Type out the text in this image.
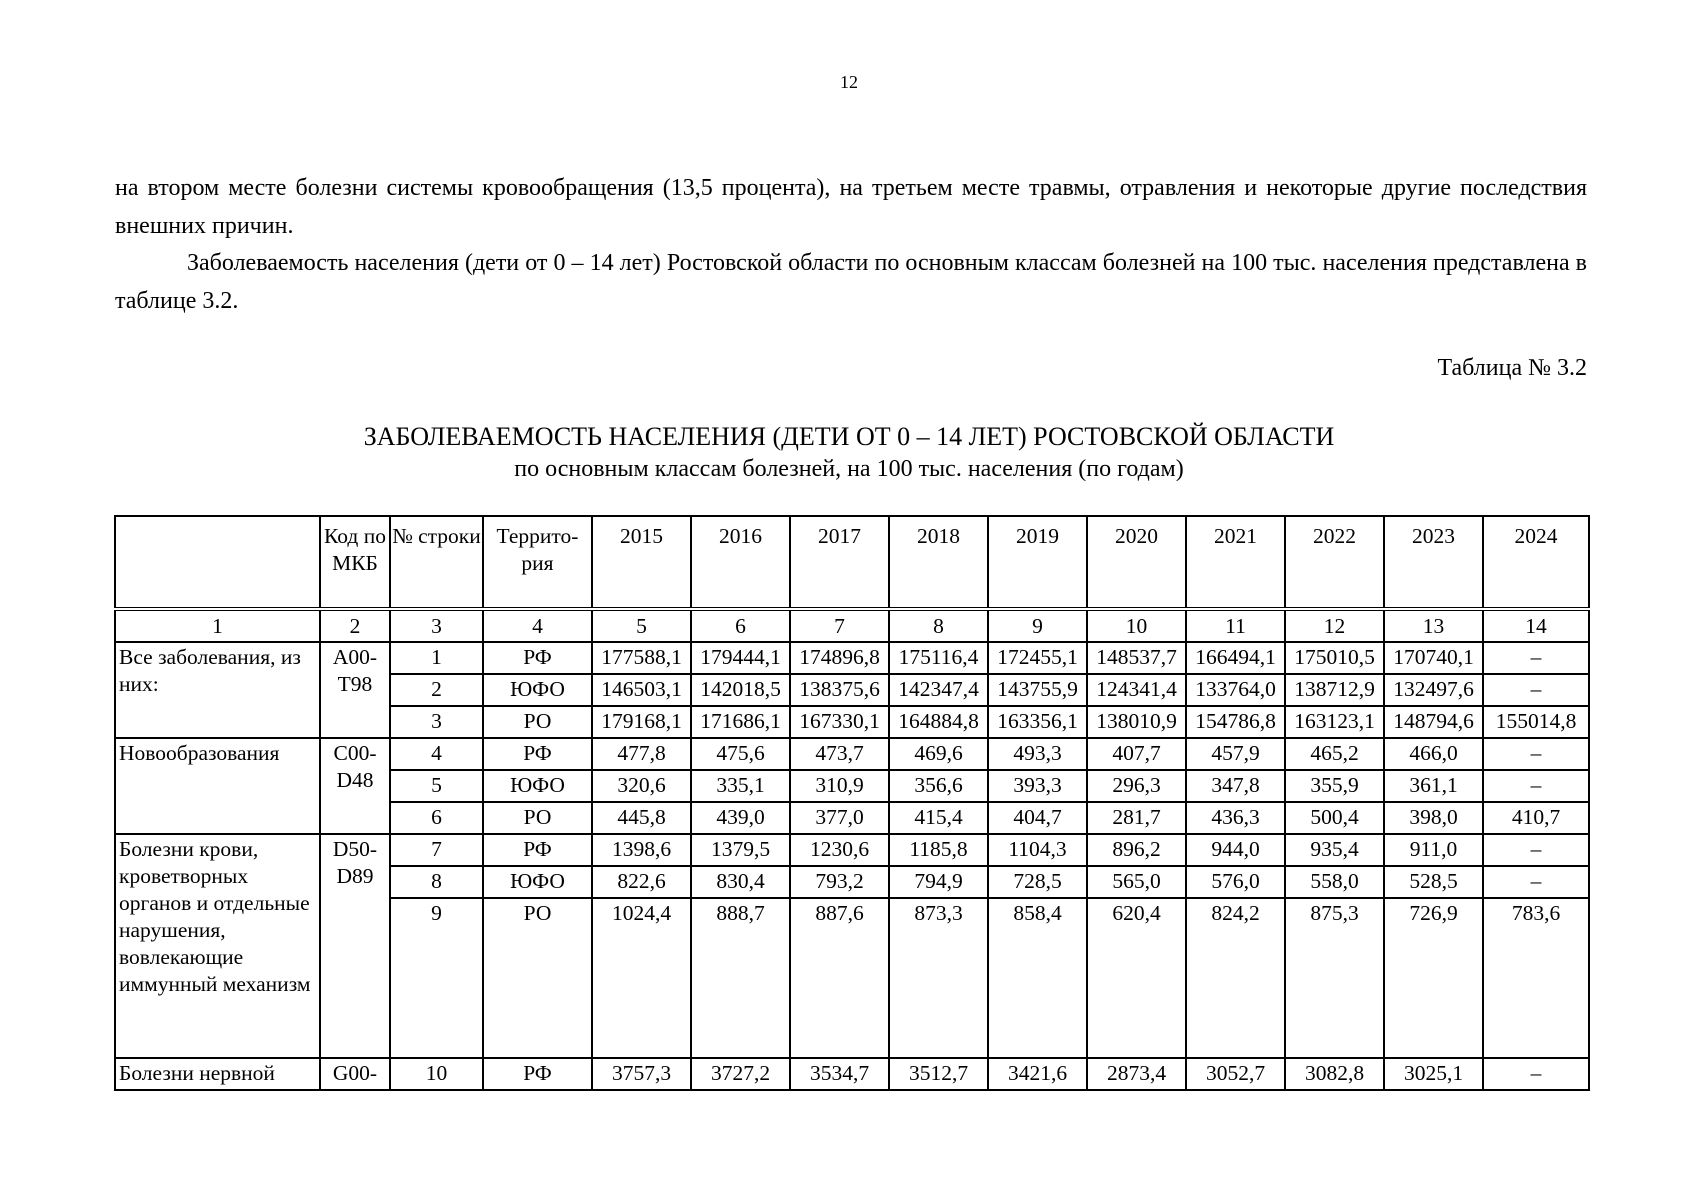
12

на втором месте болезни системы кровообращения (13,5 процента), на третьем месте травмы, отравления и некоторые другие последствия внешних причин.

Заболеваемость населения (дети от 0 – 14 лет) Ростовской области по основным классам болезней на 100 тыс. населения представлена в таблице 3.2.

Таблица № 3.2
ЗАБОЛЕВАЕМОСТЬ НАСЕЛЕНИЯ (ДЕТИ ОТ 0 – 14 ЛЕТ) РОСТОВСКОЙ ОБЛАСТИ
по основным классам болезней, на 100 тыс. населения (по годам)
	Код по МКБ	№ строки	Террито-рия	2015	2016	2017	2018	2019	2020	2021	2022	2023	2024
1	2	3	4	5	6	7	8	9	10	11	12	13	14
Все заболевания, из них:	A00-T98	1	РФ	177588,1	179444,1	174896,8	175116,4	172455,1	148537,7	166494,1	175010,5	170740,1	–
		2	ЮФО	146503,1	142018,5	138375,6	142347,4	143755,9	124341,4	133764,0	138712,9	132497,6	–
		3	РО	179168,1	171686,1	167330,1	164884,8	163356,1	138010,9	154786,8	163123,1	148794,6	155014,8
Новообразования	C00-D48	4	РФ	477,8	475,6	473,7	469,6	493,3	407,7	457,9	465,2	466,0	–
		5	ЮФО	320,6	335,1	310,9	356,6	393,3	296,3	347,8	355,9	361,1	–
		6	РО	445,8	439,0	377,0	415,4	404,7	281,7	436,3	500,4	398,0	410,7
Болезни крови, кроветворных органов и отдельные нарушения, вовлекающие иммунный механизм	D50-D89	7	РФ	1398,6	1379,5	1230,6	1185,8	1104,3	896,2	944,0	935,4	911,0	–
		8	ЮФО	822,6	830,4	793,2	794,9	728,5	565,0	576,0	558,0	528,5	–
		9	РО	1024,4	888,7	887,6	873,3	858,4	620,4	824,2	875,3	726,9	783,6
Болезни нервной	G00-	10	РФ	3757,3	3727,2	3534,7	3512,7	3421,6	2873,4	3052,7	3082,8	3025,1	–
